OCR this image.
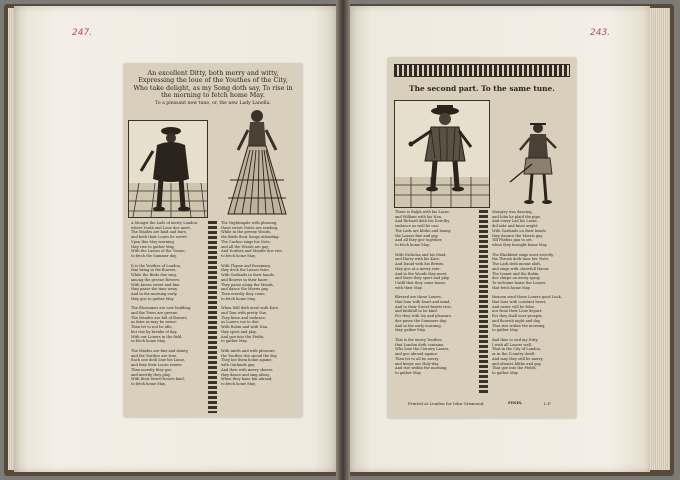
247.	243.
An excellent Ditty, both merry and witty, Expressing the loue of the Youthes of the City, Who take delight, as my Song doth say, To rise in the morning to fetch home May.
To a pleasant new tune, or, the new Lady Lanella.
A Mongst the Lads of merry London,
where Youth and Loue doe meet,
The Maides are kind and faire,
and both their Loues be sweet:
Vpon this May morning,
they rise to gather May,
With the Lasses of the Towne,
to fetch the Summer day.

It is the Youthes of London,
that bring in the flowers,
While the Birds doe sing,
among the greene Bowers:
With kisses sweet and fine,
they passe the time away,
And in the morning early,
they goe to gather May.

The Blossomes are now budding,
and the Trees are greene,
The Meades are full of flowers,
as faire as may be seene:
Then let vs not be idle,
but rise by breake of day,
With our Louers in the field,
to fetch home May.

The Maides are fine and dainty,
and the Youthes are true,
Each one doth loue his Lasse,
and they their Loues renew:
Then merrily they goe,
and merrily they play,
With their Sweet-hearts kind,
to fetch home May.
The Nightingale with pleasing,
those sweet Notes are sending,
While in the greene Woods,
the Birds their Songs attending:
The Cuckoo sings his Note,
and all the Woods are gay,
And Youthes and Maides doe rise,
to fetch home May.

With Thyme and Rosemary,
they deck the Lasses faire,
With Garlands in their hands,
and flowers in their haire:
They passe along the Meads,
and dance the Morris gay,
Then merrily they come,
to fetch home May.

When Will doth meet with Kate,
and Tom with pretty Sue,
They kisse and embrace,
as Louers vse to doe:
With Robin and with Nan,
they sport and play,
And goe into the Fields,
to gather May.

With mirth and with pleasure,
the Youthes doe spend the day,
They hie them home againe,
with Garlands gay:
And then with merry cheere,
they dance and sing alway,
When they haue bin abroad,
to fetch home May.
The second part. To the same tune.
There is Ralph with his Lasse,
and William with his Nan,
And Richard doth his Dorothy
embrace as well he can:
The Lads are blithe and bonny,
the Lasses fine and gay,
And all they goe together,
to fetch home May.

With Nicholas and his Maid,
and Harry with his Kate,
And Dauid with his Bettris,
they goe at a merry rate:
And in the Woods they meet,
and there they sport and play,
Untill that they come home,
with their May.

Blessed are those Louers,
that loue with heart and mind,
And to their Sweet-hearts true,
and faithfull to be kind:
For they with Ioy and pleasure,
doe passe the Summers day,
And in the early morning,
they gather May.

This is the merry Youthes,
that London doth containe,
Who loue the Country Lasses,
and goe abroad againe:
Then let vs all be merry,
and keepe our Holy-day,
And rise within the morning,
to gather May.
Margery was dancing,
and Iohn he plaid the pipe,
And euery Lad his Lasse,
did take and kisse aright:
With Garlands on their heads,
they daunce the Morris gay,
Till Phebus gan to set,
when they brought home May.

The Blackbird sings most sweetly,
the Thrush doth tune her Note,
The Lark doth mount aloft,
and sings with cheerfull throat:
The Linnet and the Robin,
doe chirpe on euery spray,
To welcome home the Louers,
that fetch home May.

Heauen send those Louers good Luck,
that loue with constant heart,
And neuer will be false,
nor from their Loue depart:
For they shall euer prosper,
and flourish night and day,
That rise within the morning,
to gather May.

And thus to end my Ditty,
I wish all Louers well,
That in the City of London,
or in the Country dwell:
And may they still be merry,
and alwaies blithe and gay,
That goe into the Fields,
to gather May.
Printed at London for Iohn Grismond.	FINIS.	L.P.
